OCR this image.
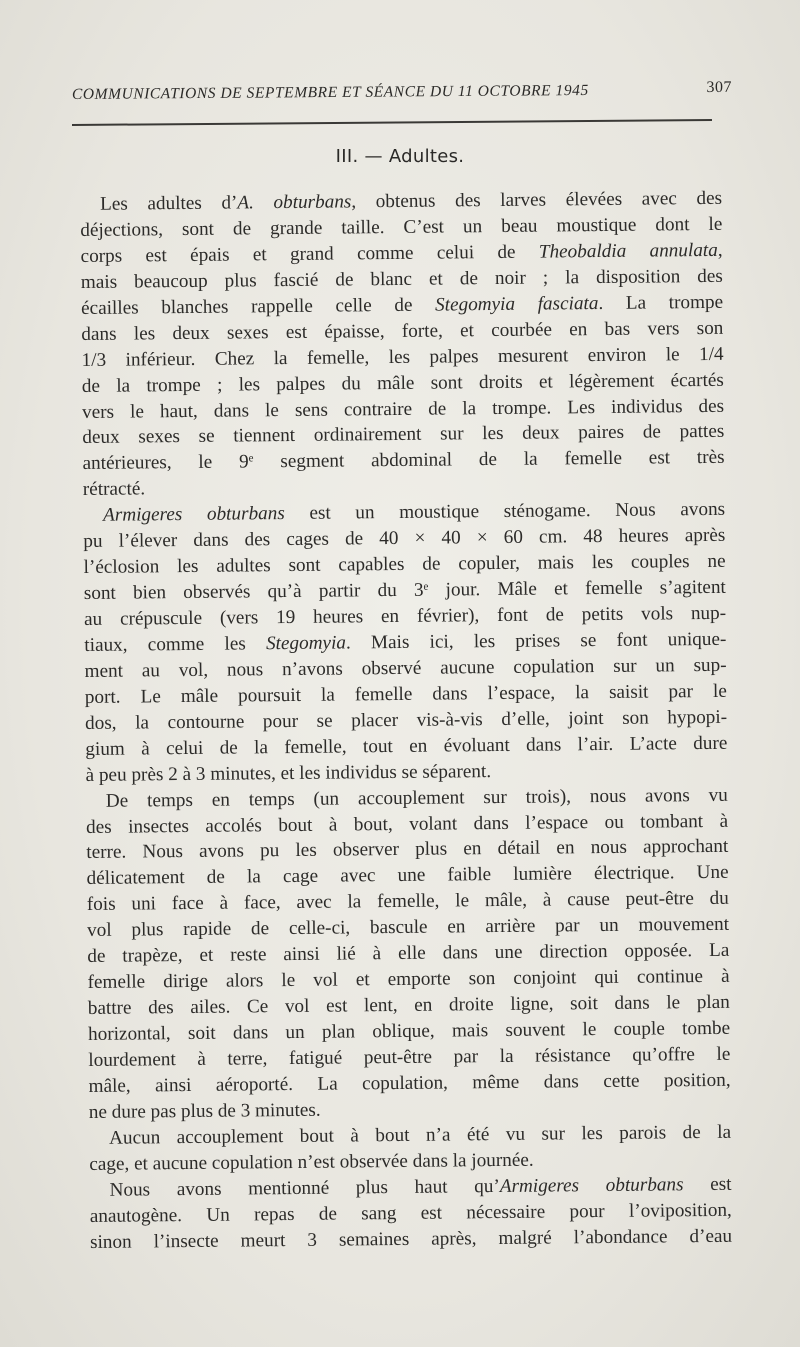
COMMUNICATIONS DE SEPTEMBRE ET SÉANCE DU 11 OCTOBRE 1945	307
III. — Adultes.
Les adultes d’A. obturbans, obtenus des larves élevées avec des
déjections, sont de grande taille. C’est un beau moustique dont le
corps est épais et grand comme celui de Theobaldia annulata,
mais beaucoup plus fascié de blanc et de noir ; la disposition des
écailles blanches rappelle celle de Stegomyia fasciata. La trompe
dans les deux sexes est épaisse, forte, et courbée en bas vers son
1/3 inférieur. Chez la femelle, les palpes mesurent environ le 1/4
de la trompe ; les palpes du mâle sont droits et légèrement écartés
vers le haut, dans le sens contraire de la trompe. Les individus des
deux sexes se tiennent ordinairement sur les deux paires de pattes
antérieures, le 9e segment abdominal de la femelle est très
rétracté.
Armigeres obturbans est un moustique sténogame. Nous avons
pu l’élever dans des cages de 40 × 40 × 60 cm. 48 heures après
l’éclosion les adultes sont capables de copuler, mais les couples ne
sont bien observés qu’à partir du 3e jour. Mâle et femelle s’agitent
au crépuscule (vers 19 heures en février), font de petits vols nup-
tiaux, comme les Stegomyia. Mais ici, les prises se font unique-
ment au vol, nous n’avons observé aucune copulation sur un sup-
port. Le mâle poursuit la femelle dans l’espace, la saisit par le
dos, la contourne pour se placer vis-à-vis d’elle, joint son hypopi-
gium à celui de la femelle, tout en évoluant dans l’air. L’acte dure
à peu près 2 à 3 minutes, et les individus se séparent.
De temps en temps (un accouplement sur trois), nous avons vu
des insectes accolés bout à bout, volant dans l’espace ou tombant à
terre. Nous avons pu les observer plus en détail en nous approchant
délicatement de la cage avec une faible lumière électrique. Une
fois uni face à face, avec la femelle, le mâle, à cause peut-être du
vol plus rapide de celle-ci, bascule en arrière par un mouvement
de trapèze, et reste ainsi lié à elle dans une direction opposée. La
femelle dirige alors le vol et emporte son conjoint qui continue à
battre des ailes. Ce vol est lent, en droite ligne, soit dans le plan
horizontal, soit dans un plan oblique, mais souvent le couple tombe
lourdement à terre, fatigué peut-être par la résistance qu’offre le
mâle, ainsi aéroporté. La copulation, même dans cette position,
ne dure pas plus de 3 minutes.
Aucun accouplement bout à bout n’a été vu sur les parois de la
cage, et aucune copulation n’est observée dans la journée.
Nous avons mentionné plus haut qu’Armigeres obturbans est
anautogène. Un repas de sang est nécessaire pour l’oviposition,
sinon l’insecte meurt 3 semaines après, malgré l’abondance d’eau
